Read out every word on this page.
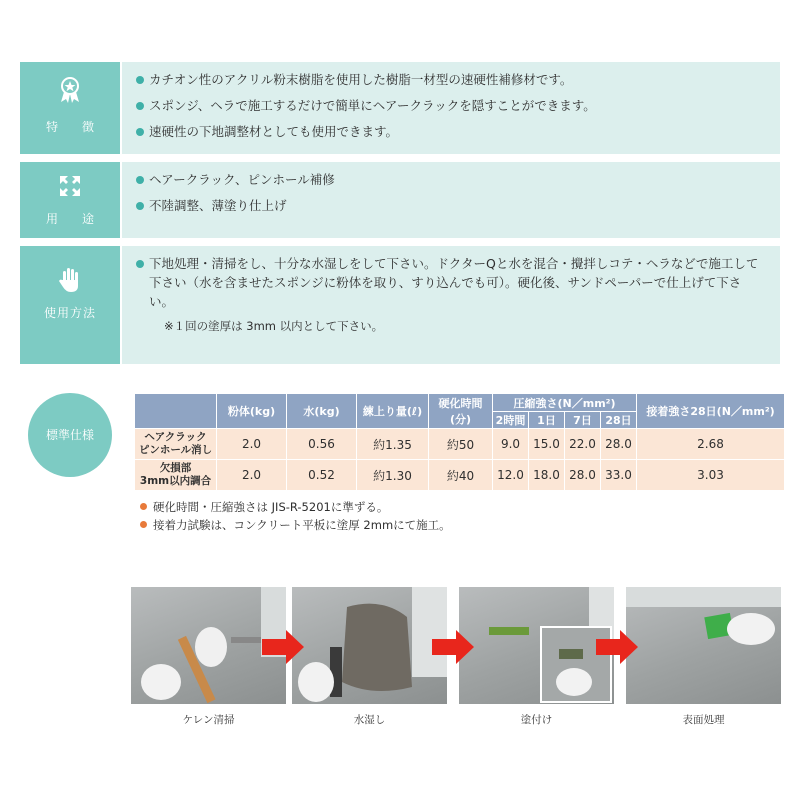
特　徴
カチオン性のアクリル粉末樹脂を使用した樹脂一材型の速硬性補修材です。
スポンジ、ヘラで施工するだけで簡単にヘアークラックを隠すことができます。
速硬性の下地調整材としても使用できます。
用　途
ヘアークラック、ピンホール補修
不陸調整、薄塗り仕上げ
使用方法
下地処理・清掃をし、十分な水湿しをして下さい。ドクターQと水を混合・攪拌しコテ・ヘラなどで施工して下さい（水を含ませたスポンジに粉体を取り、すり込んでも可）。硬化後、サンドペーパーで仕上げて下さい。
※１回の塗厚は 3mm 以内として下さい。
標準仕様
	粉体(kg)	水(kg)	練上り量(ℓ)	硬化時間(分)	圧縮強さ(N／mm²)				接着強さ28日(N／mm²)
					2時間	1日	7日	28日	
ヘアクラック
ピンホール消し	2.0	0.56	約1.35	約50	9.0	15.0	22.0	28.0	2.68
欠損部
3mm以内調合	2.0	0.52	約1.30	約40	12.0	18.0	28.0	33.0	3.03
硬化時間・圧縮強さは JIS-R-5201に準ずる。
接着力試験は、コンクリート平板に塗厚 2mmにて施工。
ケレン清掃	水湿し	塗付け	表面処理
